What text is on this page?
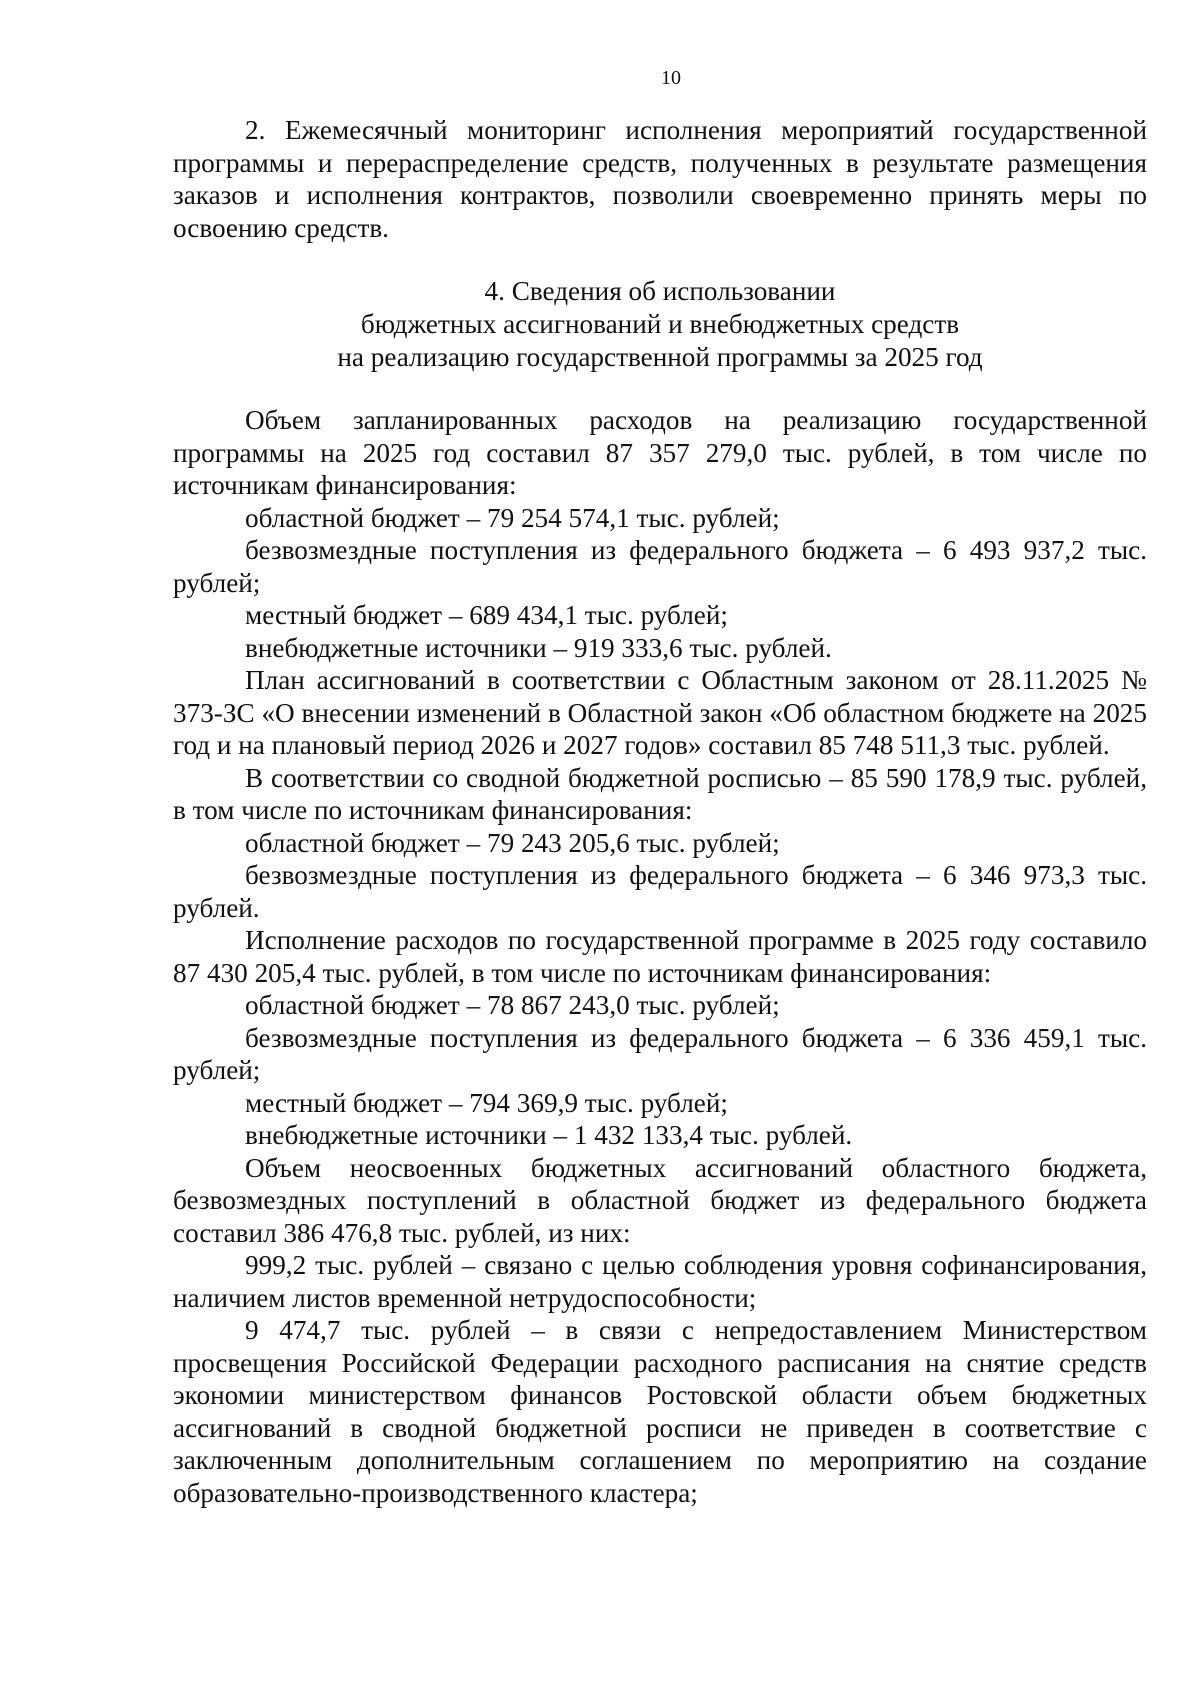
10

2. Ежемесячный мониторинг исполнения мероприятий государственной программы и перераспределение средств, полученных в результате размещения заказов и исполнения контрактов, позволили своевременно принять меры по освоению средств.

4. Сведения об использовании
бюджетных ассигнований и внебюджетных средств
на реализацию государственной программы за 2025 год

Объем запланированных расходов на реализацию государственной программы на 2025 год составил 87 357 279,0 тыс. рублей, в том числе по источникам финансирования:

областной бюджет – 79 254 574,1 тыс. рублей;

безвозмездные поступления из федерального бюджета – 6 493 937,2 тыс. рублей;

местный бюджет – 689 434,1 тыс. рублей;

внебюджетные источники – 919 333,6 тыс. рублей.

План ассигнований в соответствии с Областным законом от 28.11.2025 № 373-ЗС «О внесении изменений в Областной закон «Об областном бюджете на 2025 год и на плановый период 2026 и 2027 годов» составил 85 748 511,3 тыс. рублей.

В соответствии со сводной бюджетной росписью – 85 590 178,9 тыс. рублей, в том числе по источникам финансирования:

областной бюджет – 79 243 205,6 тыс. рублей;

безвозмездные поступления из федерального бюджета – 6 346 973,3 тыс. рублей.

Исполнение расходов по государственной программе в 2025 году составило 87 430 205,4 тыс. рублей, в том числе по источникам финансирования:

областной бюджет – 78 867 243,0 тыс. рублей;

безвозмездные поступления из федерального бюджета – 6 336 459,1 тыс. рублей;

местный бюджет – 794 369,9 тыс. рублей;

внебюджетные источники – 1 432 133,4 тыс. рублей.

Объем неосвоенных бюджетных ассигнований областного бюджета, безвозмездных поступлений в областной бюджет из федерального бюджета составил 386 476,8 тыс. рублей, из них:

999,2 тыс. рублей – связано с целью соблюдения уровня софинансирования, наличием листов временной нетрудоспособности;

9 474,7 тыс. рублей – в связи с непредоставлением Министерством просвещения Российской Федерации расходного расписания на снятие средств экономии министерством финансов Ростовской области объем бюджетных ассигнований в сводной бюджетной росписи не приведен в соответствие с заключенным дополнительным соглашением по мероприятию на создание образовательно-производственного кластера;
